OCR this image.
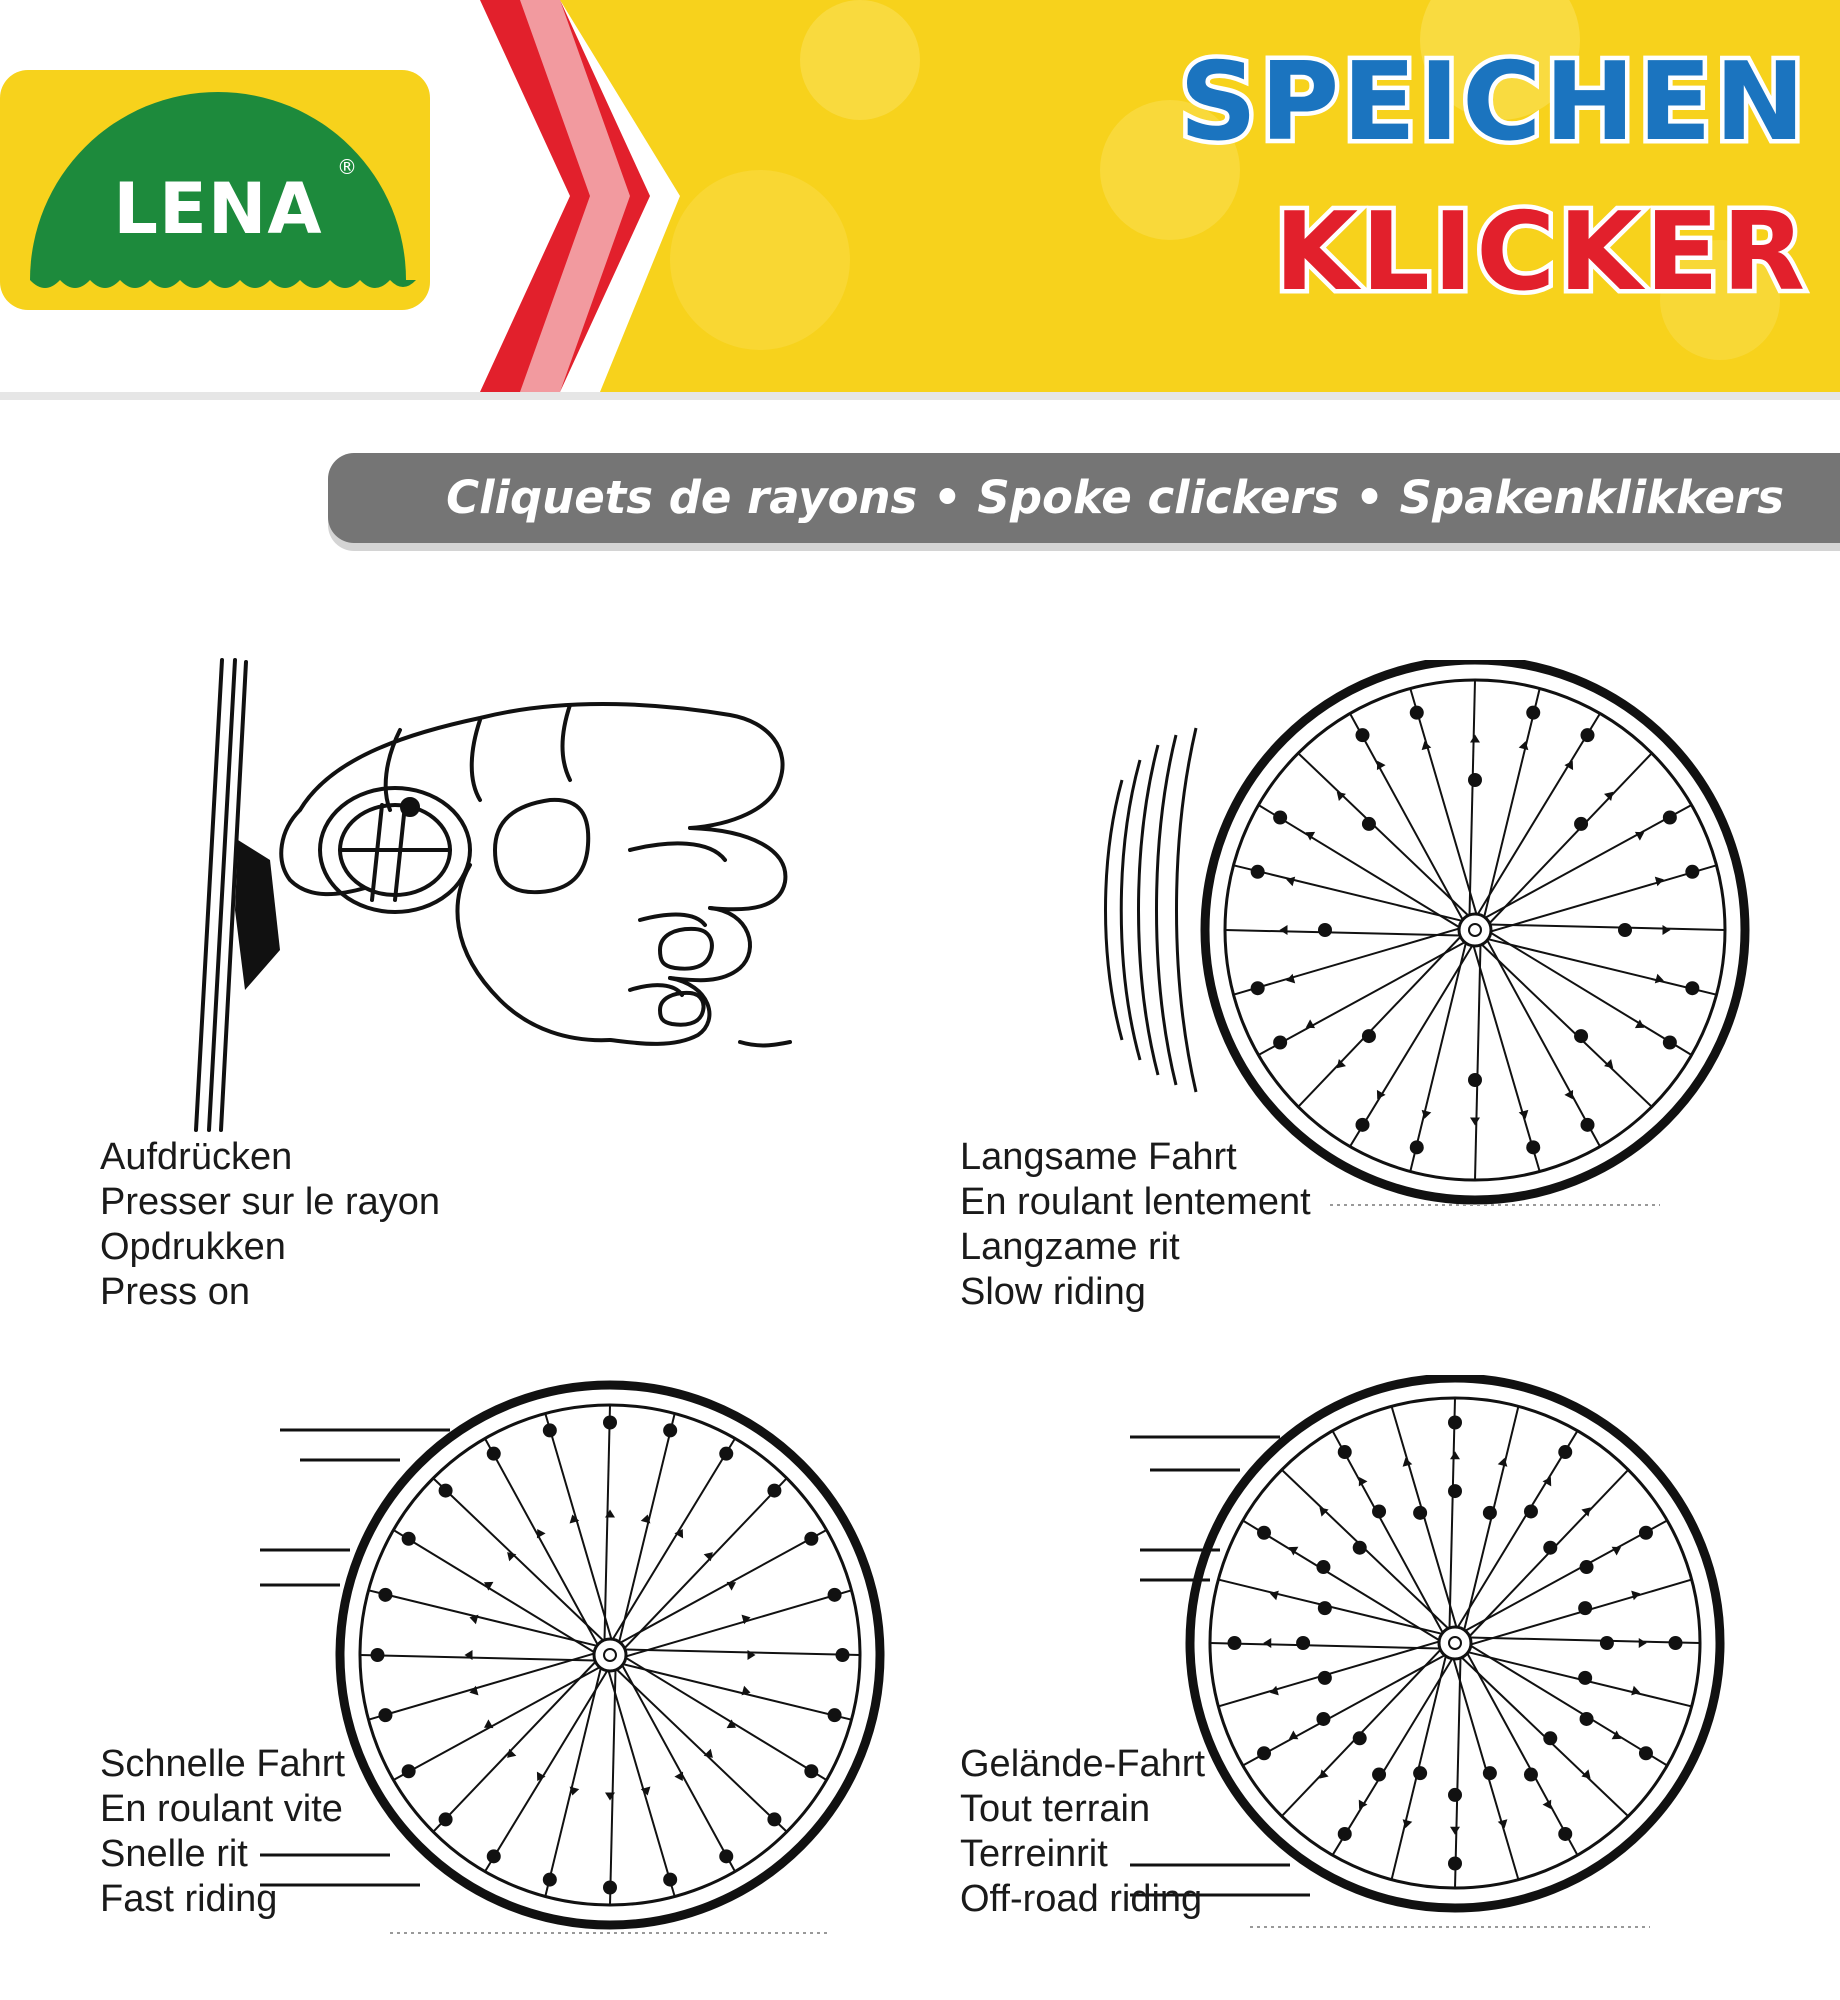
LENA
®
SPEICHEN
KLICKER
Cliquets de rayons • Spoke clickers • Spakenklikkers
Aufdrücken
Presser sur le rayon
Opdrukken
Press on
Langsame Fahrt
En roulant lentement
Langzame rit
Slow riding
Schnelle Fahrt
En roulant vite
Snelle rit
Fast riding
Gelände-Fahrt
Tout terrain
Terreinrit
Off-road riding
